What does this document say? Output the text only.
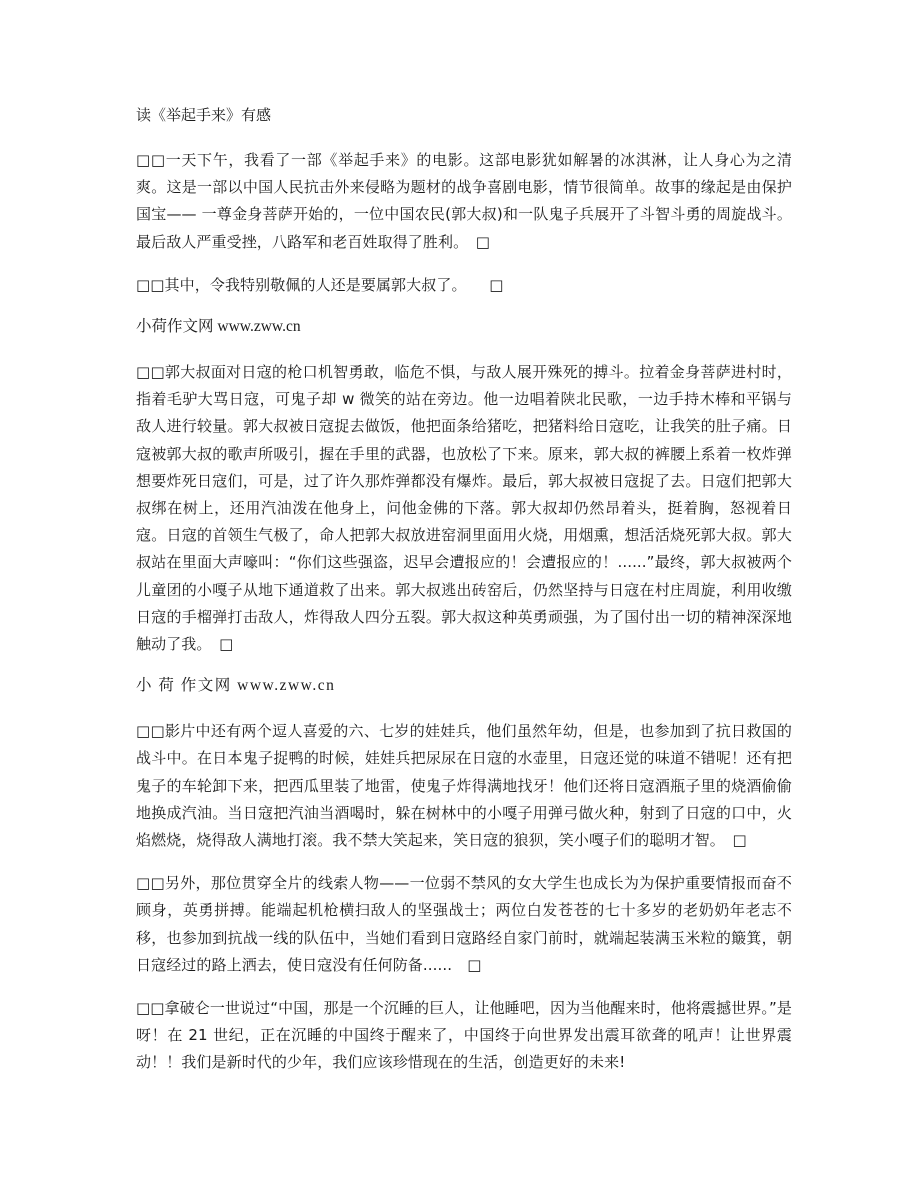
读《举起手来》有感

□□一天下午，我看了一部《举起手来》的电影。这部电影犹如解暑的冰淇淋，让人身心为之清爽。这是一部以中国人民抗击外来侵略为题材的战争喜剧电影，情节很简单。故事的缘起是由保护国宝—— 一尊金身菩萨开始的，一位中国农民(郭大叔)和一队鬼子兵展开了斗智斗勇的周旋战斗。最后敌人严重受挫，八路军和老百姓取得了胜利。　□

□□其中，令我特别敬佩的人还是要属郭大叔了。　　□

小荷作文网 www.zww.cn

□□郭大叔面对日寇的枪口机智勇敢，临危不惧，与敌人展开殊死的搏斗。拉着金身菩萨进村时，指着毛驴大骂日寇，可鬼子却 w 微笑的站在旁边。他一边唱着陕北民歌，一边手持木棒和平锅与敌人进行较量。郭大叔被日寇捉去做饭，他把面条给猪吃，把猪料给日寇吃，让我笑的肚子痛。日寇被郭大叔的歌声所吸引，握在手里的武器，也放松了下来。原来，郭大叔的裤腰上系着一枚炸弹想要炸死日寇们，可是，过了许久那炸弹都没有爆炸。最后，郭大叔被日寇捉了去。日寇们把郭大叔绑在树上，还用汽油泼在他身上，问他金佛的下落。郭大叔却仍然昂着头，挺着胸，怒视着日寇。日寇的首领生气极了，命人把郭大叔放进窑洞里面用火烧，用烟熏，想活活烧死郭大叔。郭大叔站在里面大声嚎叫：“你们这些强盗，迟早会遭报应的！会遭报应的！......”最终，郭大叔被两个儿童团的小嘎子从地下通道救了出来。郭大叔逃出砖窑后，仍然坚持与日寇在村庄周旋，利用收缴日寇的手榴弹打击敌人，炸得敌人四分五裂。郭大叔这种英勇顽强，为了国付出一切的精神深深地触动了我。　□

小 荷 作文网 www.zww.cn

□□影片中还有两个逗人喜爱的六、七岁的娃娃兵，他们虽然年幼，但是，也参加到了抗日救国的战斗中。在日本鬼子捉鸭的时候，娃娃兵把尿尿在日寇的水壶里，日寇还觉的味道不错呢！还有把鬼子的车轮卸下来，把西瓜里装了地雷，使鬼子炸得满地找牙！他们还将日寇酒瓶子里的烧酒偷偷地换成汽油。当日寇把汽油当酒喝时，躲在树林中的小嘎子用弹弓做火种，射到了日寇的口中，火焰燃烧，烧得敌人满地打滚。我不禁大笑起来，笑日寇的狼狈，笑小嘎子们的聪明才智。　□

□□另外，那位贯穿全片的线索人物——一位弱不禁风的女大学生也成长为为保护重要情报而奋不顾身，英勇拼搏。能端起机枪横扫敌人的坚强战士；两位白发苍苍的七十多岁的老奶奶年老志不移，也参加到抗战一线的队伍中，当她们看到日寇路经自家门前时，就端起装满玉米粒的簸箕，朝日寇经过的路上洒去，使日寇没有任何防备......　□

□□拿破仑一世说过“中国，那是一个沉睡的巨人，让他睡吧，因为当他醒来时，他将震撼世界。”是呀！在 21 世纪，正在沉睡的中国终于醒来了，中国终于向世界发出震耳欲聋的吼声！让世界震动！！我们是新时代的少年，我们应该珍惜现在的生活，创造更好的未来!
